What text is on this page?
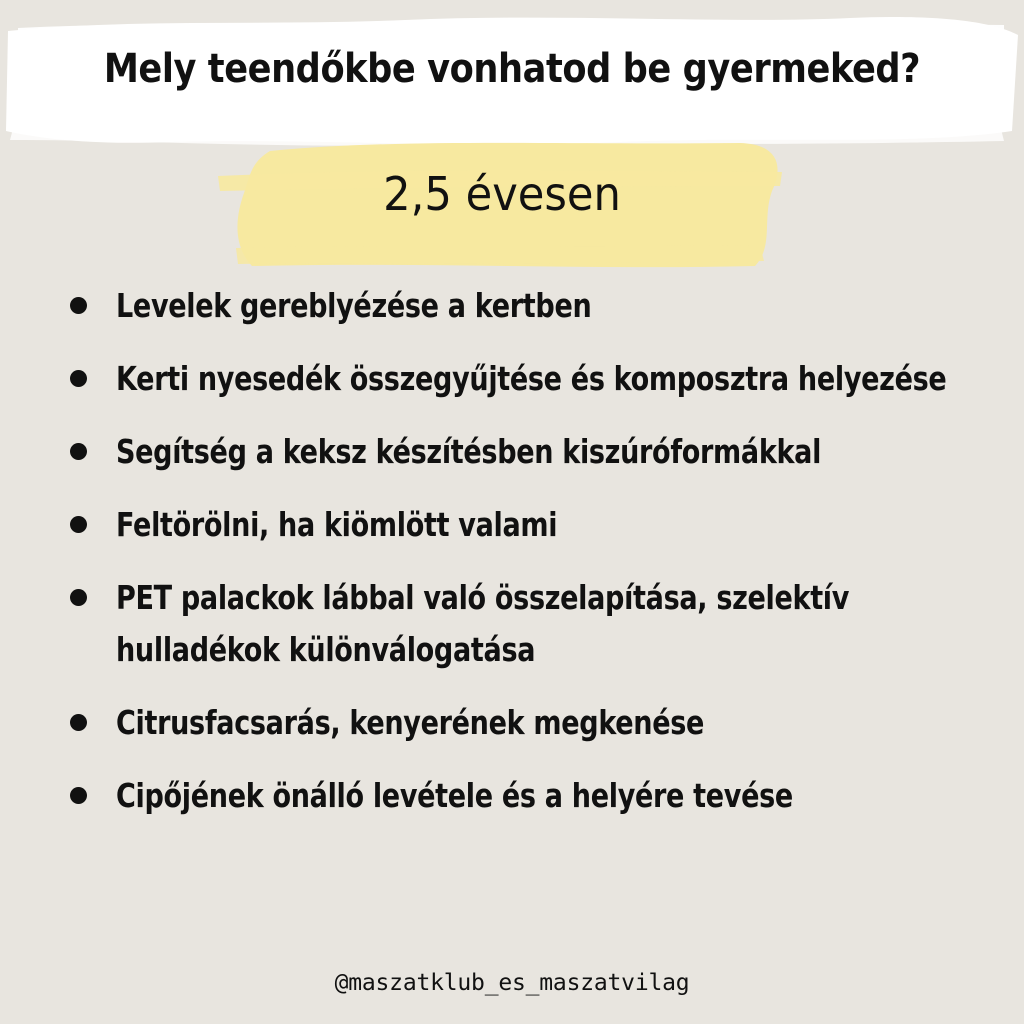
Mely teendőkbe vonhatod be gyermeked?
2,5 évesen
Levelek gereblyézése a kertben
Kerti nyesedék összegyűjtése és komposztra helyezése
Segítség a keksz készítésben kiszúróformákkal
Feltörölni, ha kiömlött valami
PET palackok lábbal való összelapítása, szelektív hulladékok különválogatása
Citrusfacsarás, kenyerének megkenése
Cipőjének önálló levétele és a helyére tevése
@maszatklub_es_maszatvilag
